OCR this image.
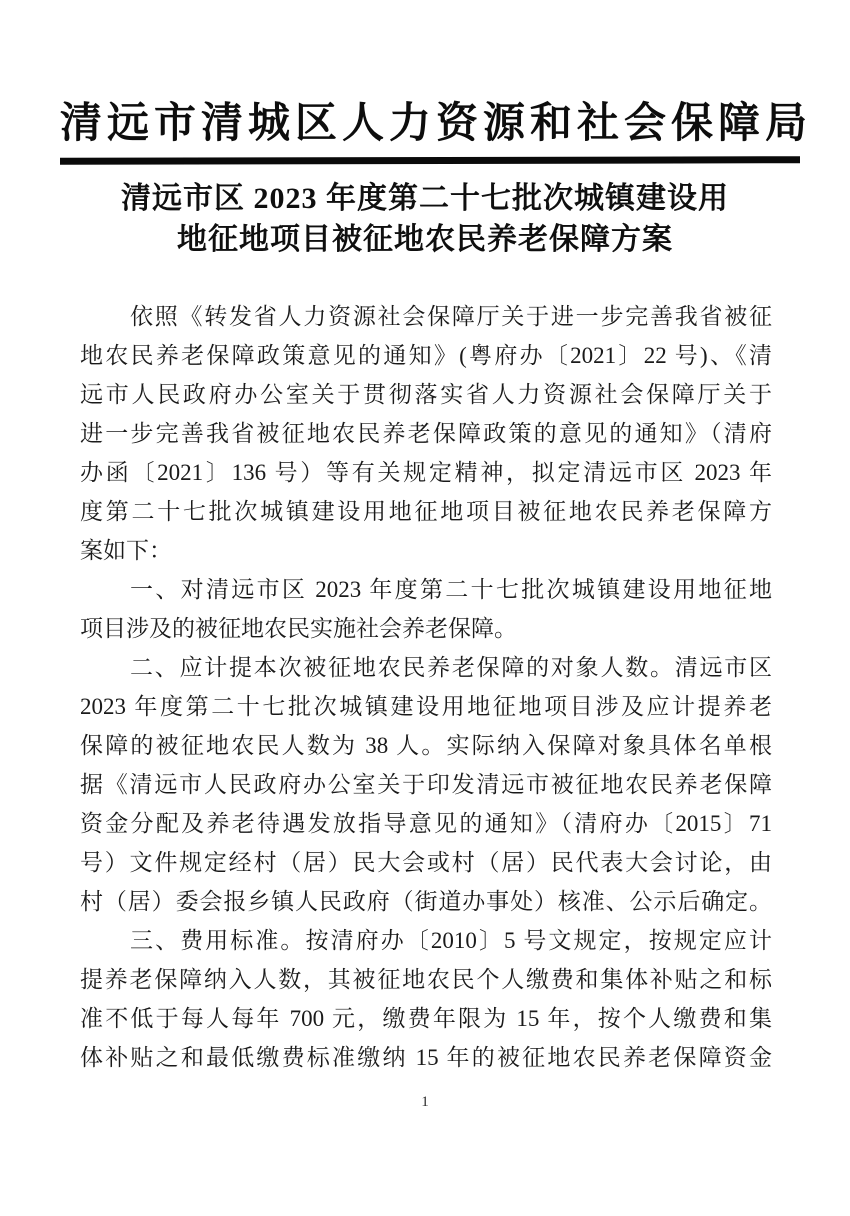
清远市清城区人力资源和社会保障局
清远市区 2023 年度第二十七批次城镇建设用
地征地项目被征地农民养老保障方案
依照《转发省人力资源社会保障厅关于进一步完善我省被征
地农民养老保障政策意见的通知》(粤府办〔2021〕22 号)、《清
远市人民政府办公室关于贯彻落实省人力资源社会保障厅关于
进一步完善我省被征地农民养老保障政策的意见的通知》（清府
办函〔2021〕136 号）等有关规定精神，拟定清远市区 2023 年
度第二十七批次城镇建设用地征地项目被征地农民养老保障方
案如下：
一、对清远市区 2023 年度第二十七批次城镇建设用地征地
项目涉及的被征地农民实施社会养老保障。
二、应计提本次被征地农民养老保障的对象人数。清远市区
2023 年度第二十七批次城镇建设用地征地项目涉及应计提养老
保障的被征地农民人数为 38 人。实际纳入保障对象具体名单根
据《清远市人民政府办公室关于印发清远市被征地农民养老保障
资金分配及养老待遇发放指导意见的通知》（清府办〔2015〕71
号）文件规定经村（居）民大会或村（居）民代表大会讨论，由
村（居）委会报乡镇人民政府（街道办事处）核准、公示后确定。
三、费用标准。按清府办〔2010〕5 号文规定，按规定应计
提养老保障纳入人数，其被征地农民个人缴费和集体补贴之和标
准不低于每人每年 700 元，缴费年限为 15 年，按个人缴费和集
体补贴之和最低缴费标准缴纳 15 年的被征地农民养老保障资金
1
